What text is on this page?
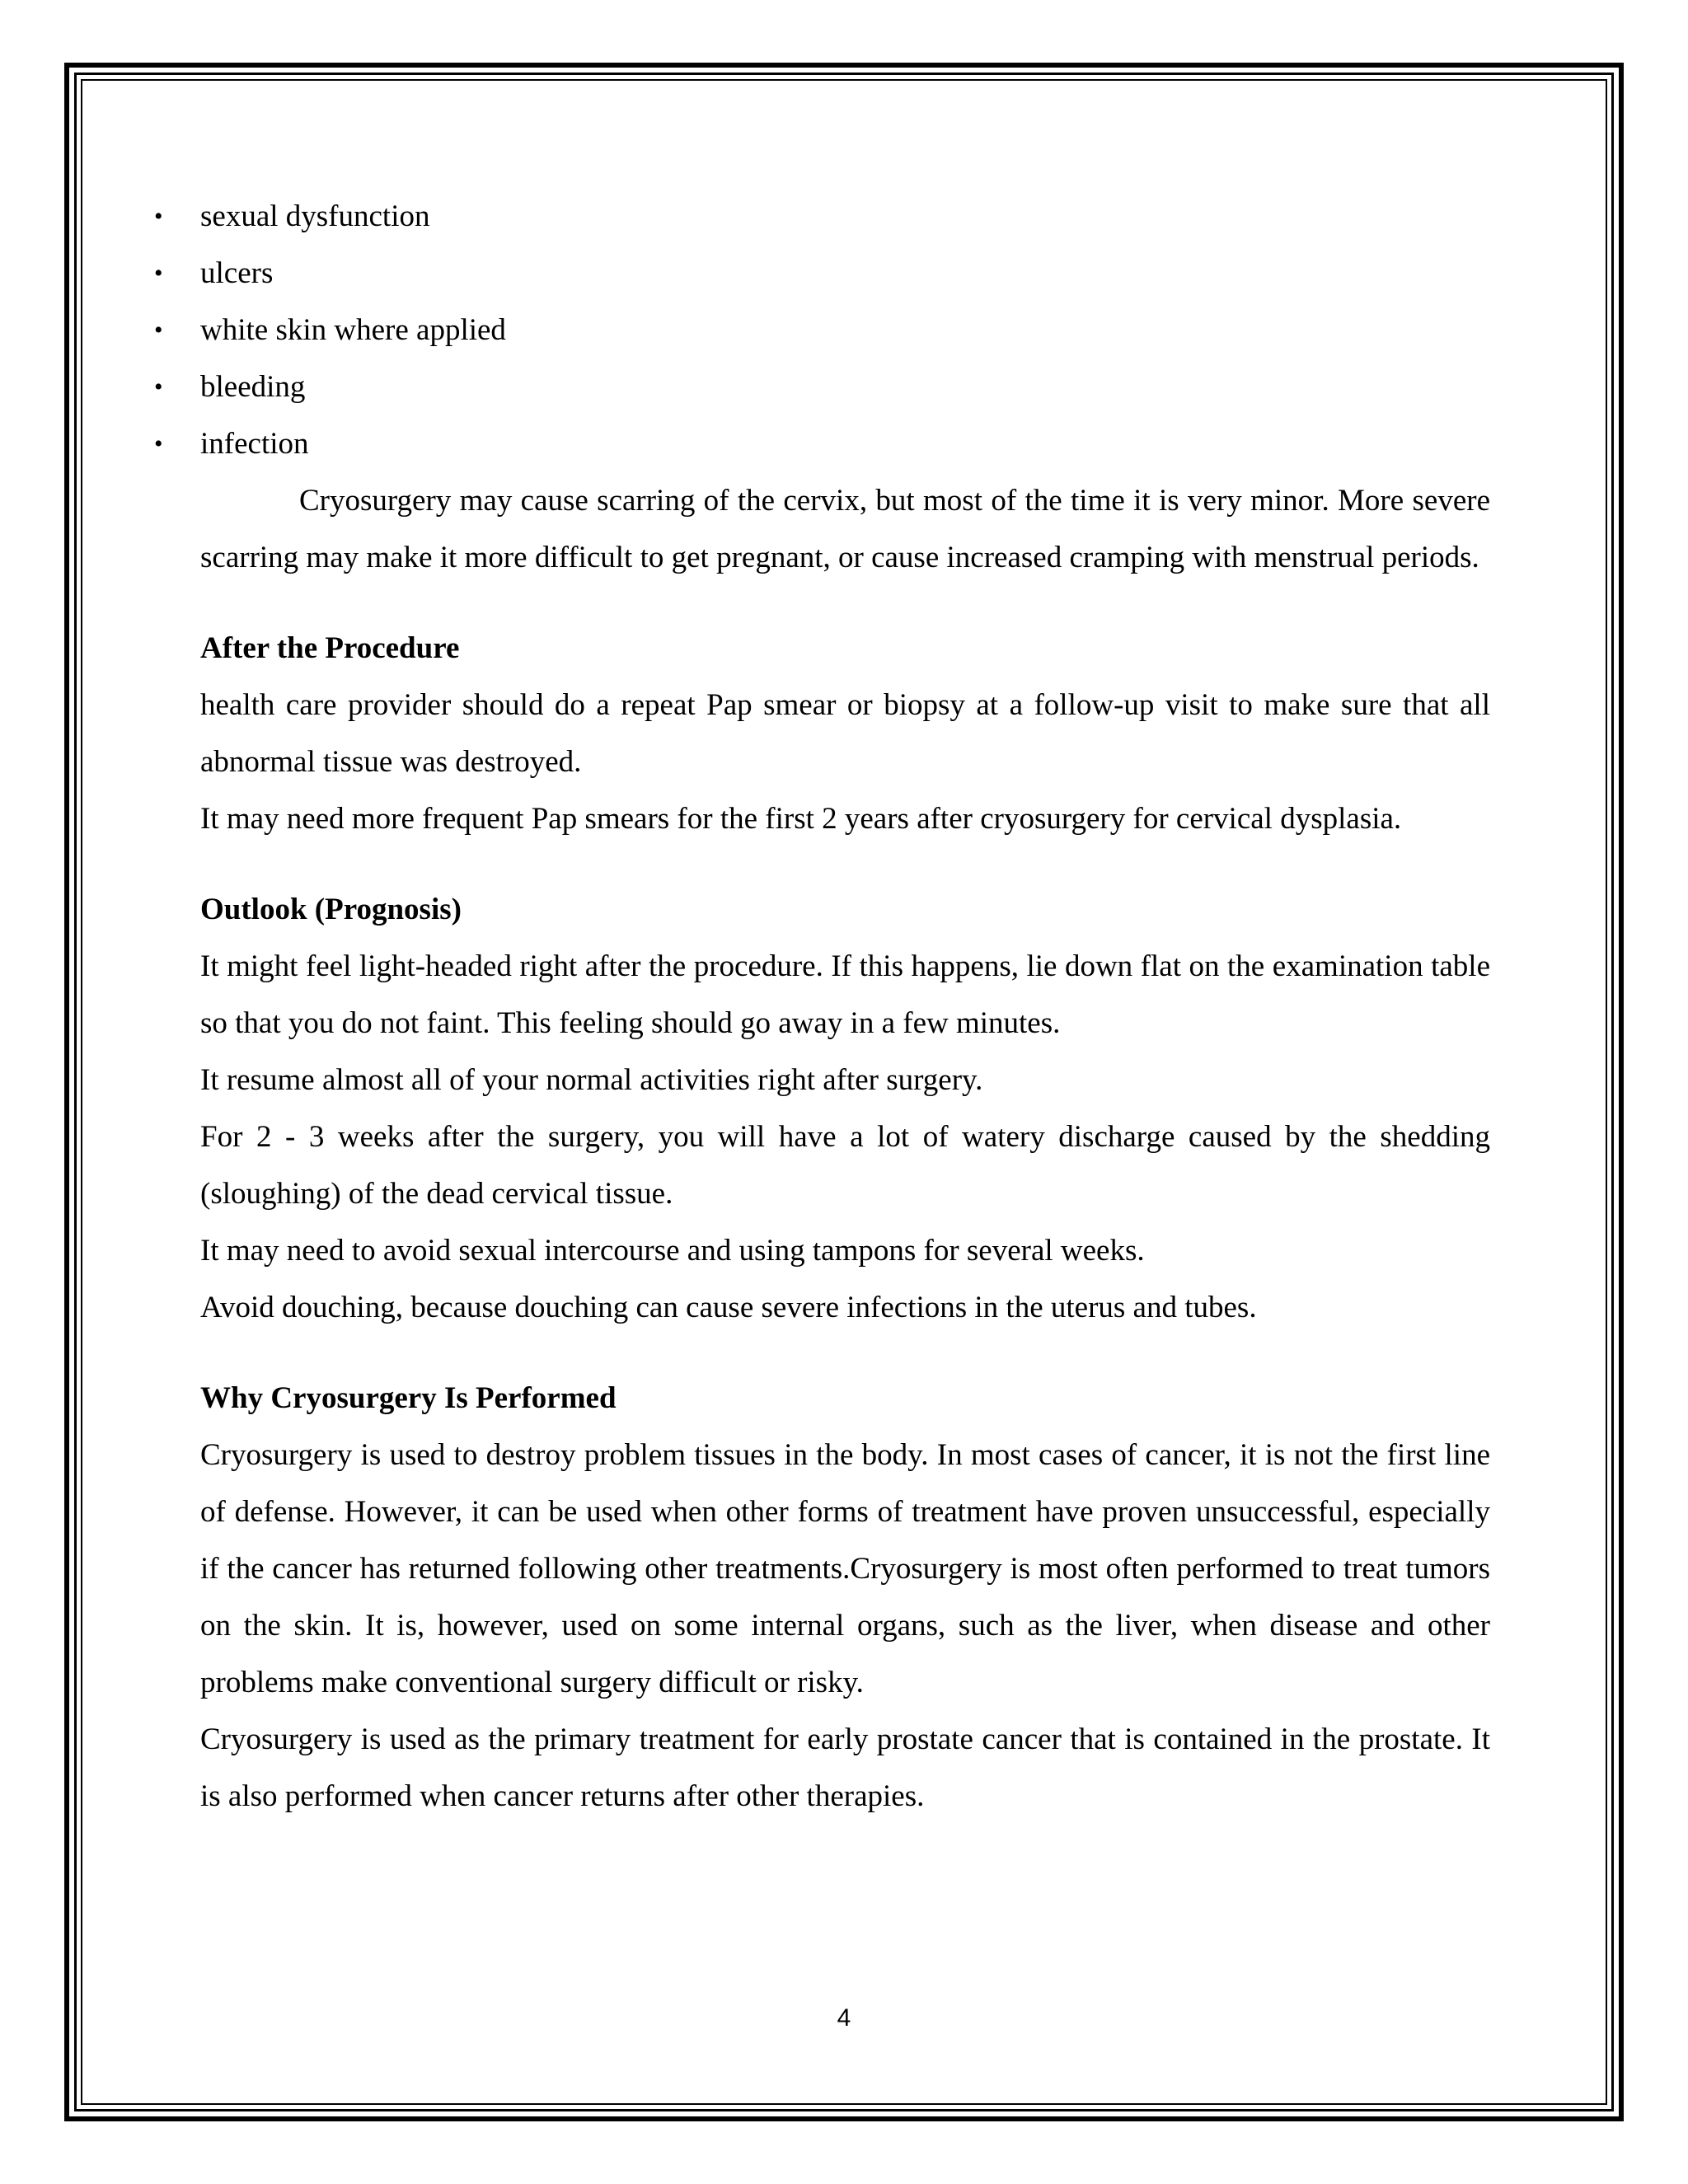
• sexual dysfunction
• ulcers
• white skin where applied
• bleeding
• infection

Cryosurgery may cause scarring of the cervix, but most of the time it is very minor. More severe scarring may make it more difficult to get pregnant, or cause increased cramping with menstrual periods.

After the Procedure

health care provider should do a repeat Pap smear or biopsy at a follow-up visit to make sure that all abnormal tissue was destroyed.

It may need more frequent Pap smears for the first 2 years after cryosurgery for cervical dysplasia.

Outlook (Prognosis)

It might feel light-headed right after the procedure. If this happens, lie down flat on the examination table so that you do not faint. This feeling should go away in a few minutes.

It resume almost all of your normal activities right after surgery.

For 2 - 3 weeks after the surgery, you will have a lot of watery discharge caused by the shedding (sloughing) of the dead cervical tissue.

It may need to avoid sexual intercourse and using tampons for several weeks.

Avoid douching, because douching can cause severe infections in the uterus and tubes.

Why Cryosurgery Is Performed

Cryosurgery is used to destroy problem tissues in the body. In most cases of cancer, it is not the first line of defense. However, it can be used when other forms of treatment have proven unsuccessful, especially if the cancer has returned following other treatments.Cryosurgery is most often performed to treat tumors on the skin. It is, however, used on some internal organs, such as the liver, when disease and other problems make conventional surgery difficult or risky.

Cryosurgery is used as the primary treatment for early prostate cancer that is contained in the prostate. It is also performed when cancer returns after other therapies.

4
